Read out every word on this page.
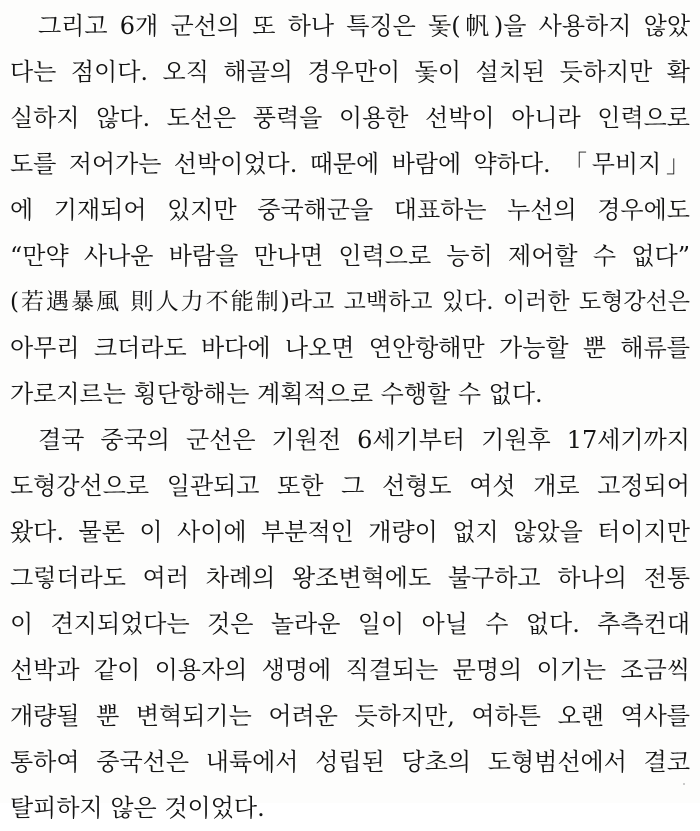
그리고 6개 군선의 또 하나 특징은 돛(帆)을 사용하지 않았
다는 점이다. 오직 해골의 경우만이 돛이 설치된 듯하지만 확
실하지 않다. 도선은 풍력을 이용한 선박이 아니라 인력으로
도를 저어가는 선박이었다. 때문에 바람에 약하다. 「무비지」
에 기재되어 있지만 중국해군을 대표하는 누선의 경우에도
“만약 사나운 바람을 만나면 인력으로 능히 제어할 수 없다”
(若遇暴風 則人力不能制)라고 고백하고 있다. 이러한 도형강선은
아무리 크더라도 바다에 나오면 연안항해만 가능할 뿐 해류를
가로지르는 횡단항해는 계획적으로 수행할 수 없다.
결국 중국의 군선은 기원전 6세기부터 기원후 17세기까지
도형강선으로 일관되고 또한 그 선형도 여섯 개로 고정되어
왔다. 물론 이 사이에 부분적인 개량이 없지 않았을 터이지만
그렇더라도 여러 차례의 왕조변혁에도 불구하고 하나의 전통
이 견지되었다는 것은 놀라운 일이 아닐 수 없다. 추측컨대
선박과 같이 이용자의 생명에 직결되는 문명의 이기는 조금씩
개량될 뿐 변혁되기는 어려운 듯하지만, 여하튼 오랜 역사를
통하여 중국선은 내륙에서 성립된 당초의 도형범선에서 결코
탈피하지 않은 것이었다.
